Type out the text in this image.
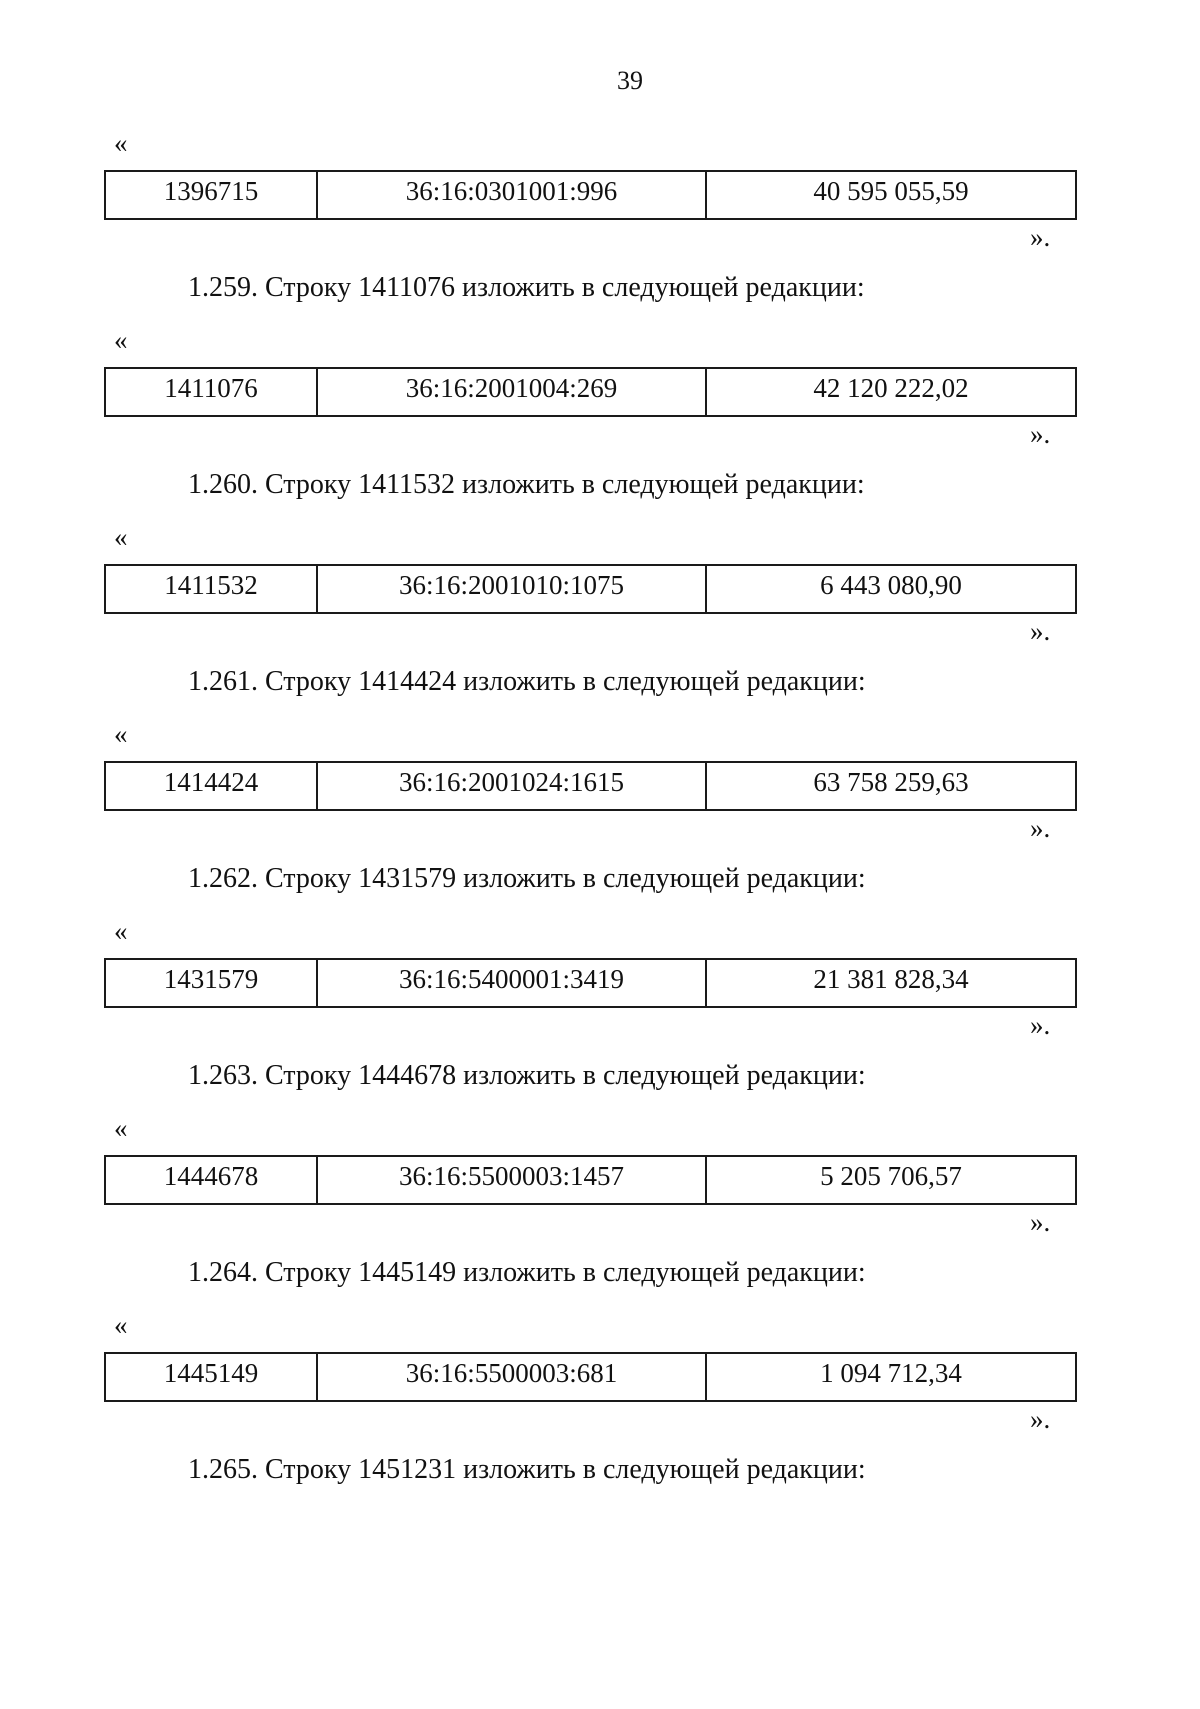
39
«
1396715	36:16:0301001:996	40 595 055,59
».
1.259. Строку 1411076 изложить в следующей редакции:
«
1411076	36:16:2001004:269	42 120 222,02
».
1.260. Строку 1411532 изложить в следующей редакции:
«
1411532	36:16:2001010:1075	6 443 080,90
».
1.261. Строку 1414424 изложить в следующей редакции:
«
1414424	36:16:2001024:1615	63 758 259,63
».
1.262. Строку 1431579 изложить в следующей редакции:
«
1431579	36:16:5400001:3419	21 381 828,34
».
1.263. Строку 1444678 изложить в следующей редакции:
«
1444678	36:16:5500003:1457	5 205 706,57
».
1.264. Строку 1445149 изложить в следующей редакции:
«
1445149	36:16:5500003:681	1 094 712,34
».
1.265. Строку 1451231 изложить в следующей редакции:
